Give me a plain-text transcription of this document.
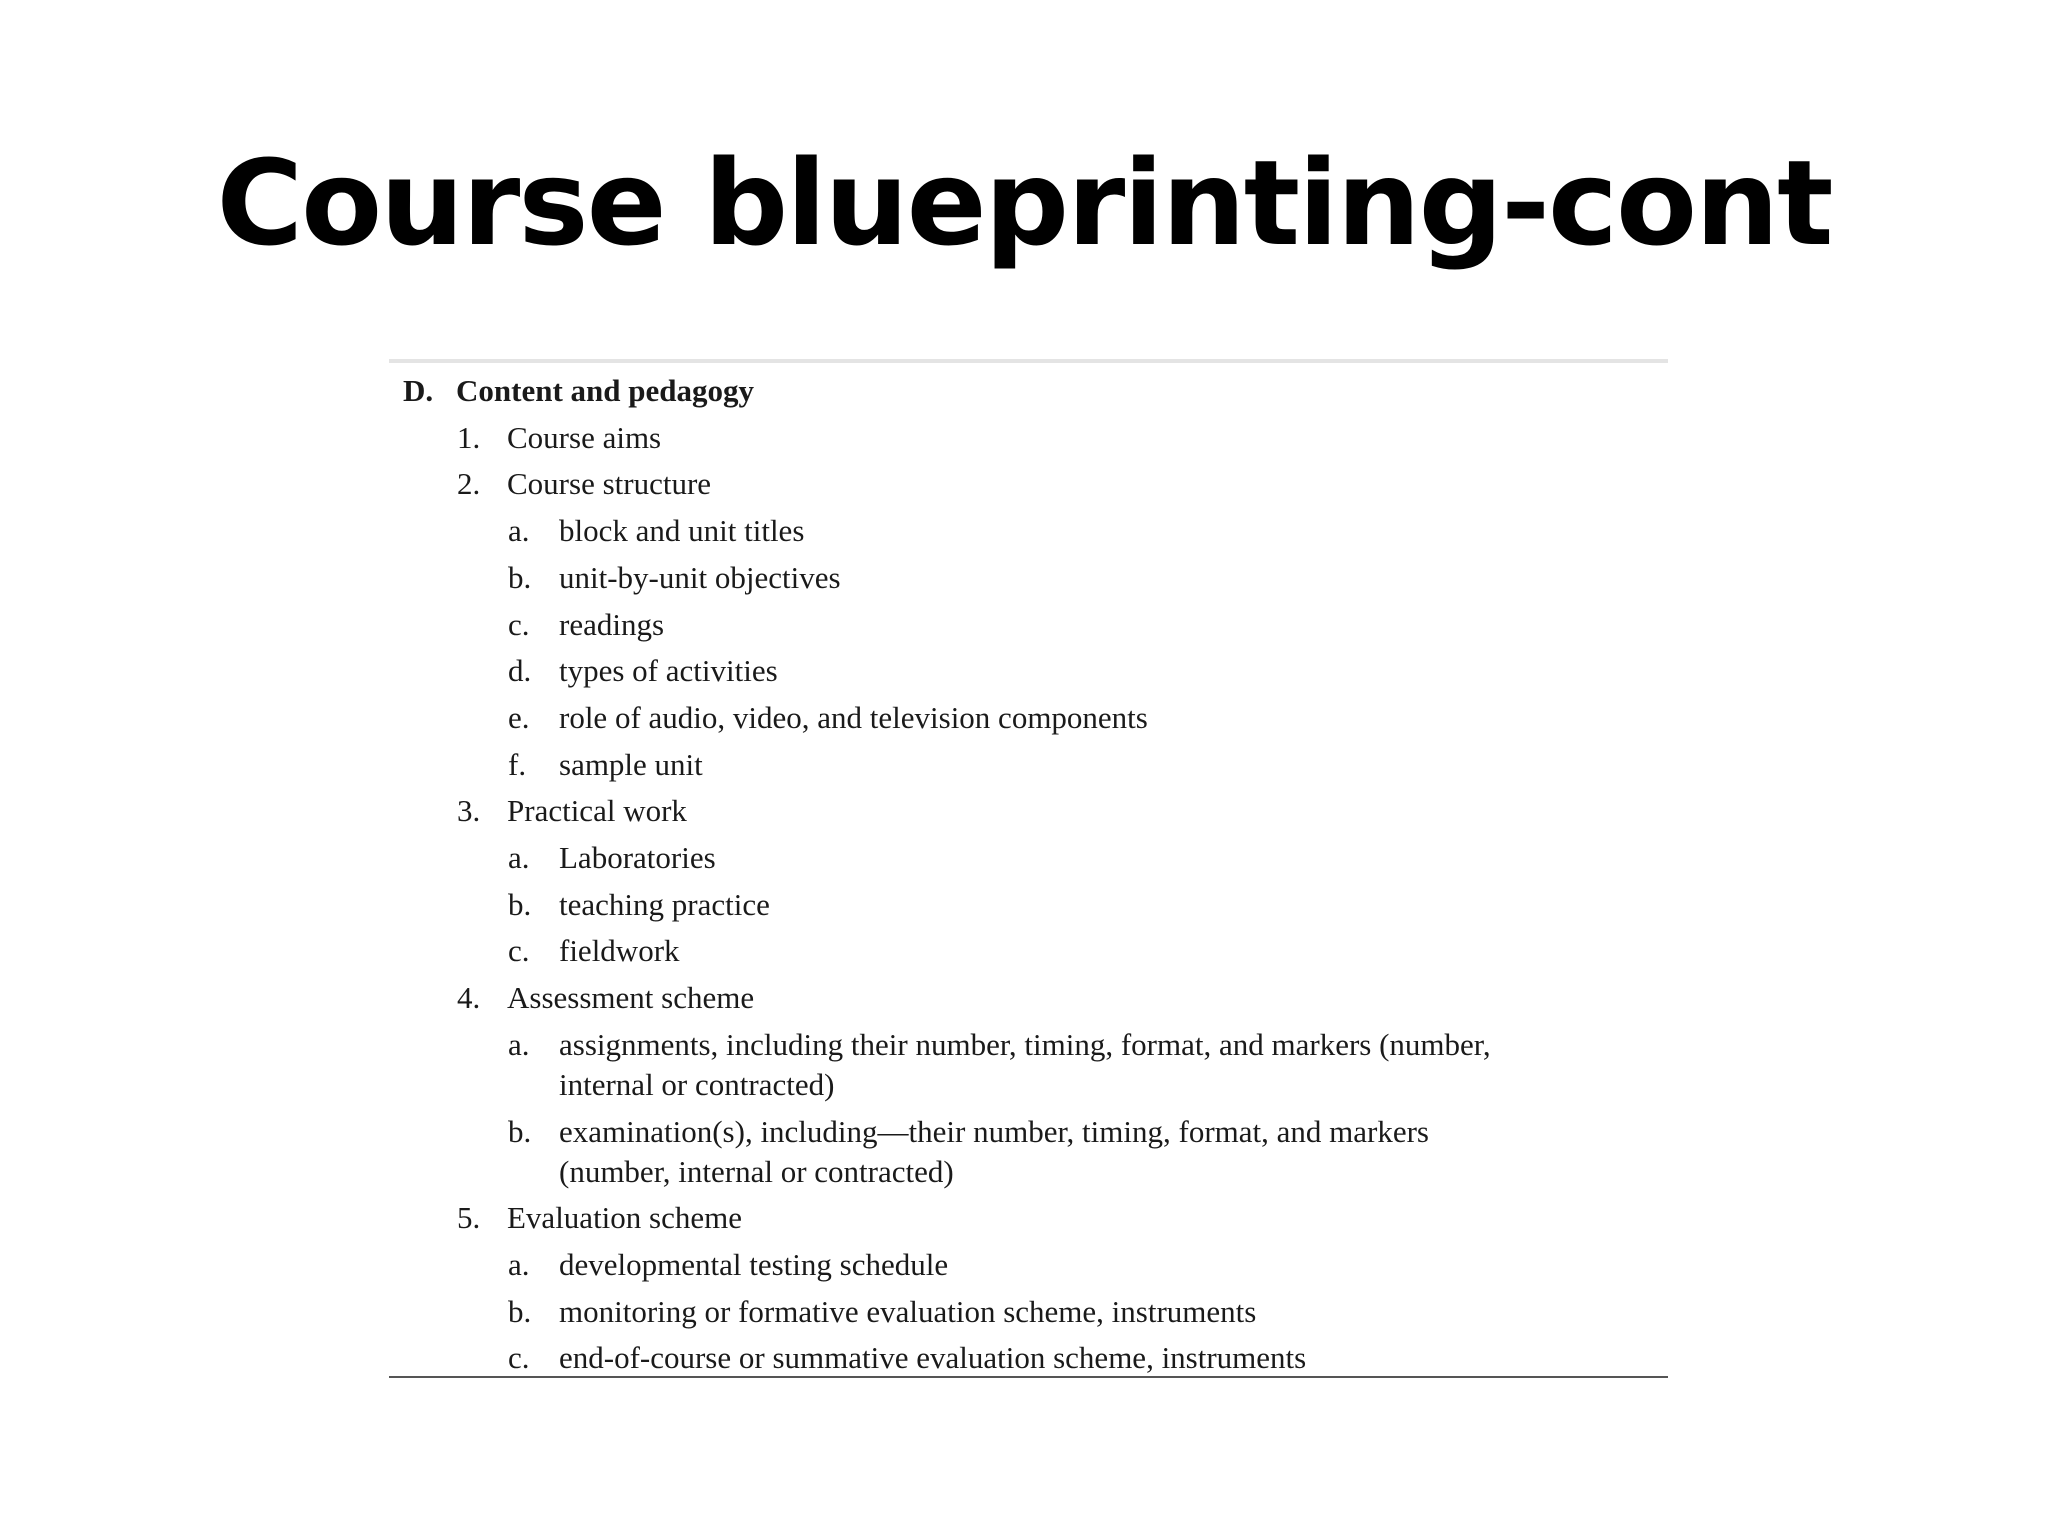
Course blueprinting-cont
D. Content and pedagogy
1. Course aims
2. Course structure
a. block and unit titles
b. unit-by-unit objectives
c. readings
d. types of activities
e. role of audio, video, and television components
f. sample unit
3. Practical work
a. Laboratories
b. teaching practice
c. fieldwork
4. Assessment scheme
a. assignments, including their number, timing, format, and markers (number,
internal or contracted)
b. examination(s), including—their number, timing, format, and markers
(number, internal or contracted)
5. Evaluation scheme
a. developmental testing schedule
b. monitoring or formative evaluation scheme, instruments
c. end-of-course or summative evaluation scheme, instruments
